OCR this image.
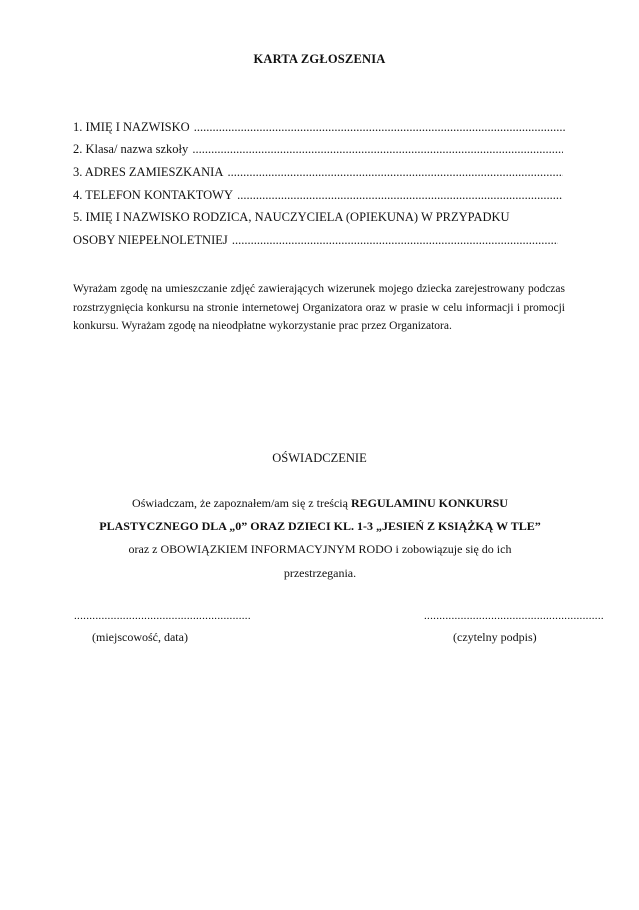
KARTA ZGŁOSZENIA
1. IMIĘ I NAZWISKO .....
2. Klasa/ nazwa szkoły .....
3. ADRES ZAMIESZKANIA .....
4. TELEFON KONTAKTOWY .....
5. IMIĘ I NAZWISKO RODZICA, NAUCZYCIELA (OPIEKUNA) W PRZYPADKU
OSOBY NIEPEŁNOLETNIEJ .....
Wyrażam zgodę na umieszczanie zdjęć zawierających wizerunek mojego dziecka zarejestrowany podczas rozstrzygnięcia konkursu na stronie internetowej Organizatora oraz w prasie w celu informacji i promocji konkursu. Wyrażam zgodę na nieodpłatne wykorzystanie prac przez Organizatora.
OŚWIADCZENIE
Oświadczam, że zapoznałem/am się z treścią REGULAMINU KONKURSU
PLASTYCZNEGO DLA „0” ORAZ DZIECI KL. 1-3 „JESIEŃ Z KSIĄŻKĄ W TLE”
oraz z OBOWIĄZKIEM INFORMACYJNYM RODO i zobowiązuje się do ich
przestrzegania.
..........................................................
(miejscowość, data)
...........................................................
(czytelny podpis)
